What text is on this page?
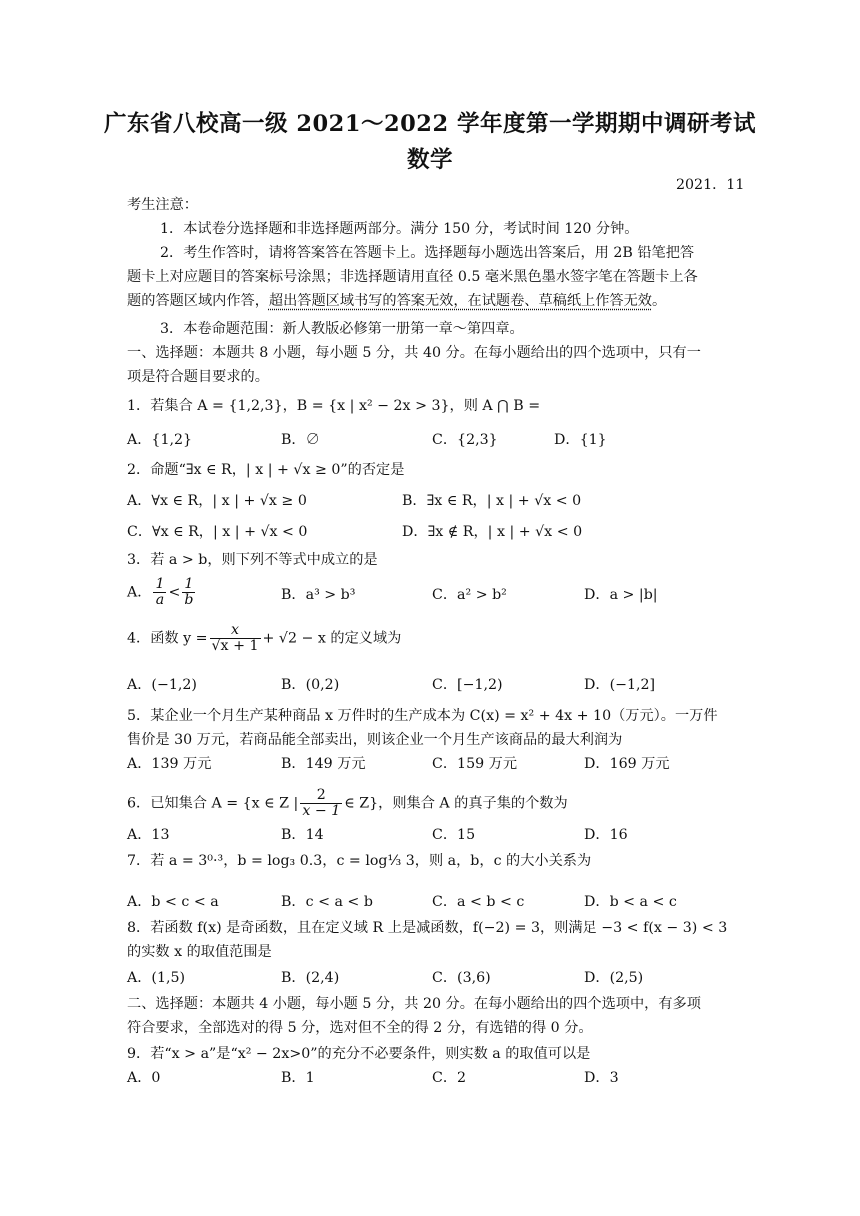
广东省八校高一级 2021～2022 学年度第一学期期中调研考试
数学
2021．11
考生注意：
1．本试卷分选择题和非选择题两部分。满分 150 分，考试时间 120 分钟。
2．考生作答时，请将答案答在答题卡上。选择题每小题选出答案后，用 2B 铅笔把答
题卡上对应题目的答案标号涂黑；非选择题请用直径 0.5 毫米黑色墨水签字笔在答题卡上各
题的答题区域内作答，超出答题区域书写的答案无效，在试题卷、草稿纸上作答无效。
3．本卷命题范围：新人教版必修第一册第一章～第四章。
一、选择题：本题共 8 小题，每小题 5 分，共 40 分。在每小题给出的四个选项中，只有一
项是符合题目要求的。
1．若集合 A = {1,2,3}，B = {x | x² − 2x > 3}，则 A ⋂ B =
A．{1,2}	B．∅	C．{2,3}	D．{1}
2．命题“∃x ∈ R，| x | + √x ≥ 0”的否定是
A．∀x ∈ R，| x | + √x ≥ 0	B．∃x ∈ R，| x | + √x < 0
C．∀x ∈ R，| x | + √x < 0	D．∃x ∉ R，| x | + √x < 0
3．若 a > b，则下列不等式中成立的是
A． $\frac{1}{a} < \frac{1}{b}$	B．a³ > b³	C．a² > b²	D．a > |b|
4．函数 $y = \frac{x}{√x + 1} + √2 - x$ 的定义域为
A．(−1,2)	B．(0,2)	C．[−1,2)	D．(−1,2]
5．某企业一个月生产某种商品 x 万件时的生产成本为 C(x) = x² + 4x + 10（万元）。一万件
售价是 30 万元，若商品能全部卖出，则该企业一个月生产该商品的最大利润为
A．139 万元	B．149 万元	C．159 万元	D．169 万元
6．已知集合 A = {x ∈ Z | $\frac{2}{x - 1}$ ∈ Z}，则集合 A 的真子集的个数为
A．13	B．14	C．15	D．16
7．若 a = 3⁰·³，b = log₃ 0.3，c = log⅓ 3，则 a，b，c 的大小关系为
A．b < c < a	B．c < a < b	C．a < b < c	D．b < a < c
8．若函数 f(x) 是奇函数，且在定义域 R 上是减函数，f(−2) = 3，则满足 −3 < f(x − 3) < 3
的实数 x 的取值范围是
A．(1,5)	B．(2,4)	C．(3,6)	D．(2,5)
二、选择题：本题共 4 小题，每小题 5 分，共 20 分。在每小题给出的四个选项中，有多项
符合要求，全部选对的得 5 分，选对但不全的得 2 分，有选错的得 0 分。
9．若“x > a”是“x² − 2x>0”的充分不必要条件，则实数 a 的取值可以是
A．0	B．1	C．2	D．3
